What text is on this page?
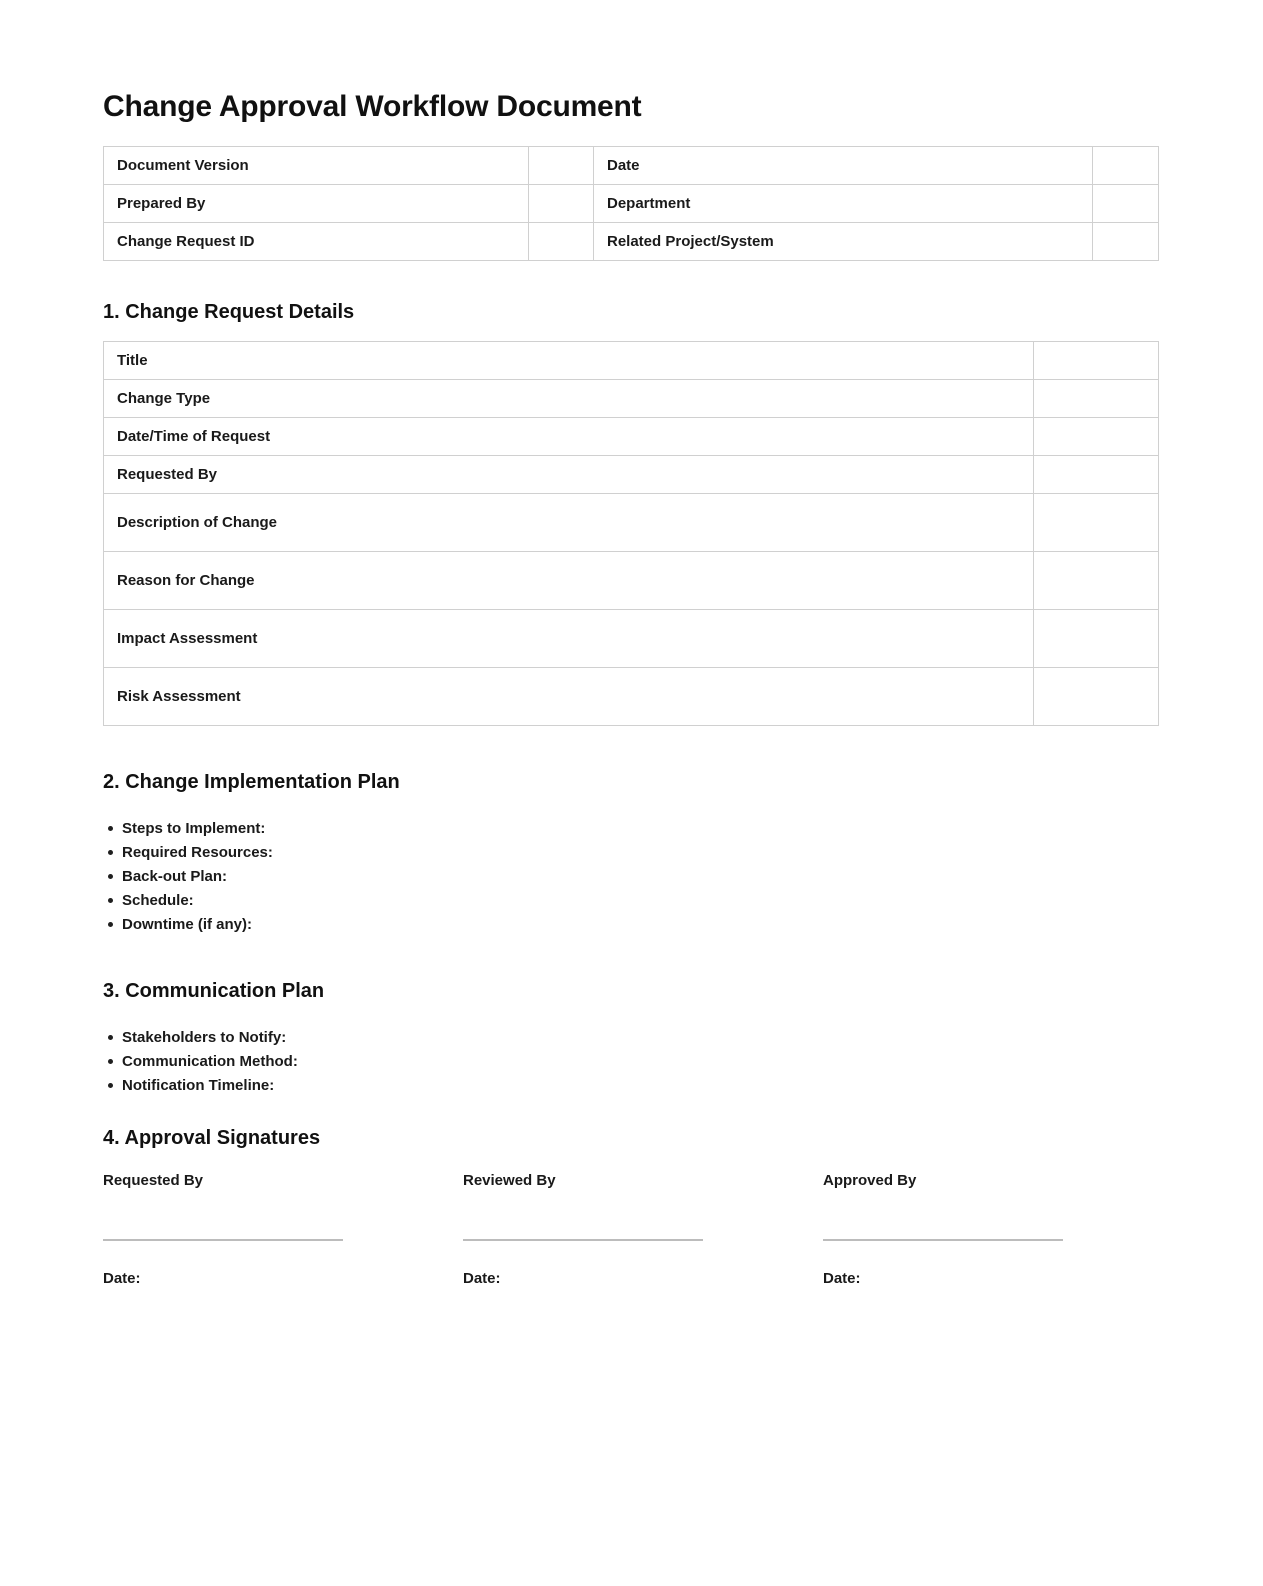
Change Approval Workflow Document
Document Version		Date	
Prepared By		Department	
Change Request ID		Related Project/System	
1. Change Request Details
Title	
Change Type	
Date/Time of Request	
Requested By	
Description of Change	
Reason for Change	
Impact Assessment	
Risk Assessment	
2. Change Implementation Plan
Steps to Implement:
Required Resources:
Back-out Plan:
Schedule:
Downtime (if any):
3. Communication Plan
Stakeholders to Notify:
Communication Method:
Notification Timeline:
4. Approval Signatures
Requested By
Date:
Reviewed By
Date:
Approved By
Date:
